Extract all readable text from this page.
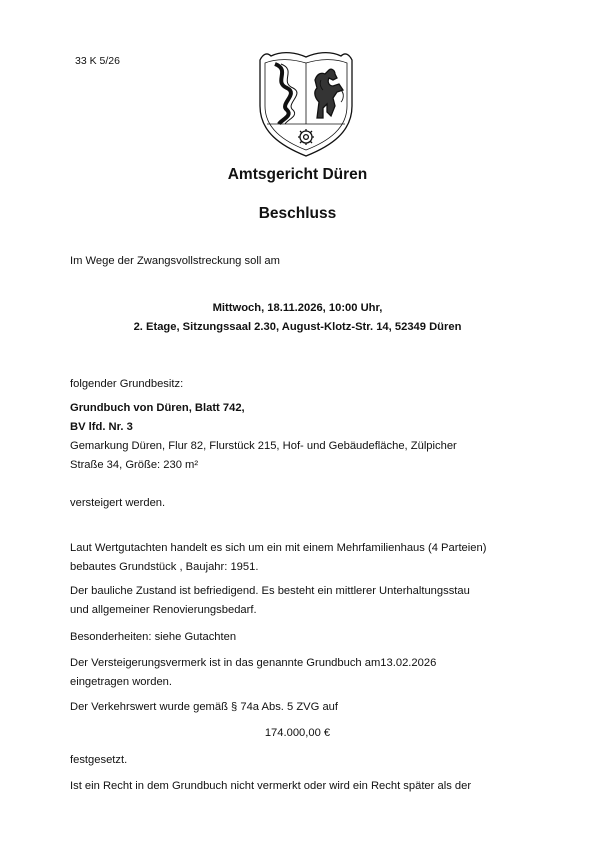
33 K 5/26
Amtsgericht Düren
Beschluss
Im Wege der Zwangsvollstreckung soll am
Mittwoch, 18.11.2026, 10:00 Uhr,
2. Etage, Sitzungssaal 2.30, August-Klotz-Str. 14, 52349 Düren
folgender Grundbesitz:
Grundbuch von Düren, Blatt 742,
BV lfd. Nr. 3
Gemarkung Düren, Flur 82, Flurstück 215, Hof- und Gebäudefläche, Zülpicher
Straße 34, Größe: 230 m²
versteigert werden.
Laut Wertgutachten handelt es sich um ein mit einem Mehrfamilienhaus (4 Parteien)
bebautes Grundstück , Baujahr: 1951.
Der bauliche Zustand ist befriedigend. Es besteht ein mittlerer Unterhaltungsstau
und allgemeiner Renovierungsbedarf.
Besonderheiten: siehe Gutachten
Der Versteigerungsvermerk ist in das genannte Grundbuch am13.02.2026
eingetragen worden.
Der Verkehrswert wurde gemäß § 74a Abs. 5 ZVG auf
174.000,00 €
festgesetzt.
Ist ein Recht in dem Grundbuch nicht vermerkt oder wird ein Recht später als der
